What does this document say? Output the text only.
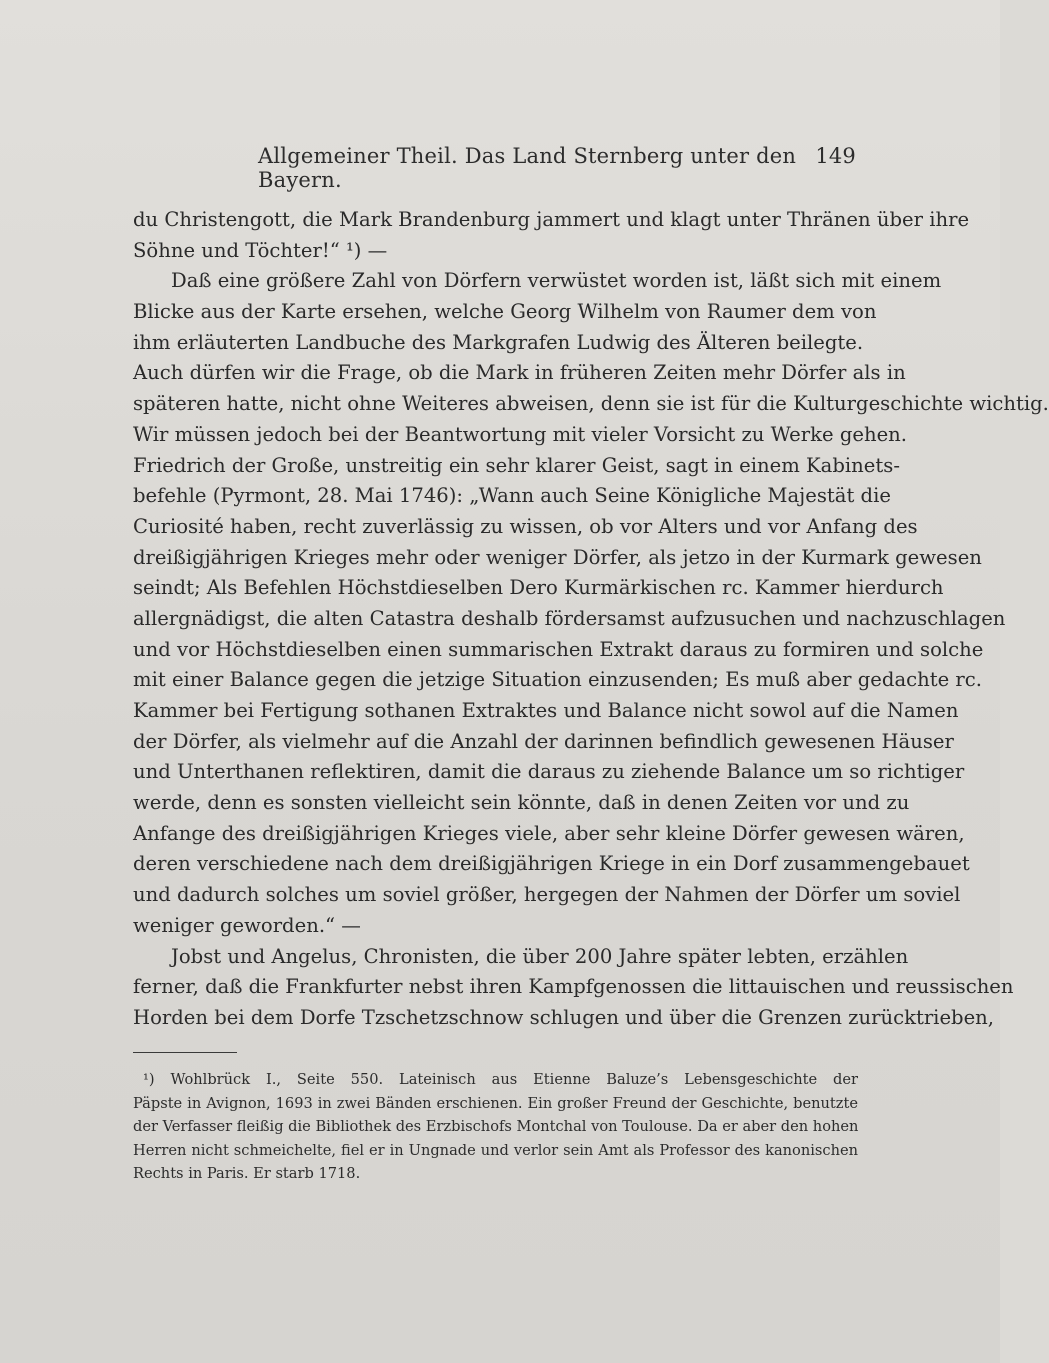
Allgemeiner Theil. Das Land Sternberg unter den Bayern.
149
du Christengott, die Mark Brandenburg jammert und klagt unter Thränen über ihre
Söhne und Töchter!“ ¹) —
Daß eine größere Zahl von Dörfern verwüstet worden ist, läßt sich mit einem
Blicke aus der Karte ersehen, welche Georg Wilhelm von Raumer dem von
ihm erläuterten Landbuche des Markgrafen Ludwig des Älteren beilegte.
Auch dürfen wir die Frage, ob die Mark in früheren Zeiten mehr Dörfer als in
späteren hatte, nicht ohne Weiteres abweisen, denn sie ist für die Kulturgeschichte wichtig.
Wir müssen jedoch bei der Beantwortung mit vieler Vorsicht zu Werke gehen.
Friedrich der Große, unstreitig ein sehr klarer Geist, sagt in einem Kabinets-
befehle (Pyrmont, 28. Mai 1746): „Wann auch Seine Königliche Majestät die
Curiosité haben, recht zuverlässig zu wissen, ob vor Alters und vor Anfang des
dreißigjährigen Krieges mehr oder weniger Dörfer, als jetzo in der Kurmark gewesen
seindt; Als Befehlen Höchstdieselben Dero Kurmärkischen rc. Kammer hierdurch
allergnädigst, die alten Catastra deshalb fördersamst aufzusuchen und nachzuschlagen
und vor Höchstdieselben einen summarischen Extrakt daraus zu formiren und solche
mit einer Balance gegen die jetzige Situation einzusenden; Es muß aber gedachte rc.
Kammer bei Fertigung sothanen Extraktes und Balance nicht sowol auf die Namen
der Dörfer, als vielmehr auf die Anzahl der darinnen befindlich gewesenen Häuser
und Unterthanen reflektiren, damit die daraus zu ziehende Balance um so richtiger
werde, denn es sonsten vielleicht sein könnte, daß in denen Zeiten vor und zu
Anfange des dreißigjährigen Krieges viele, aber sehr kleine Dörfer gewesen wären,
deren verschiedene nach dem dreißigjährigen Kriege in ein Dorf zusammengebauet
und dadurch solches um soviel größer, hergegen der Nahmen der Dörfer um soviel
weniger geworden.“ —
Jobst und Angelus, Chronisten, die über 200 Jahre später lebten, erzählen
ferner, daß die Frankfurter nebst ihren Kampfgenossen die littauischen und reussischen
Horden bei dem Dorfe Tzschetzschnow schlugen und über die Grenzen zurücktrieben,
¹) Wohlbrück I., Seite 550. Lateinisch aus Etienne Baluze’s Lebensgeschichte der
Päpste in Avignon, 1693 in zwei Bänden erschienen. Ein großer Freund der Geschichte, benutzte
der Verfasser fleißig die Bibliothek des Erzbischofs Montchal von Toulouse. Da er aber den hohen
Herren nicht schmeichelte, fiel er in Ungnade und verlor sein Amt als Professor des kanonischen
Rechts in Paris. Er starb 1718.
